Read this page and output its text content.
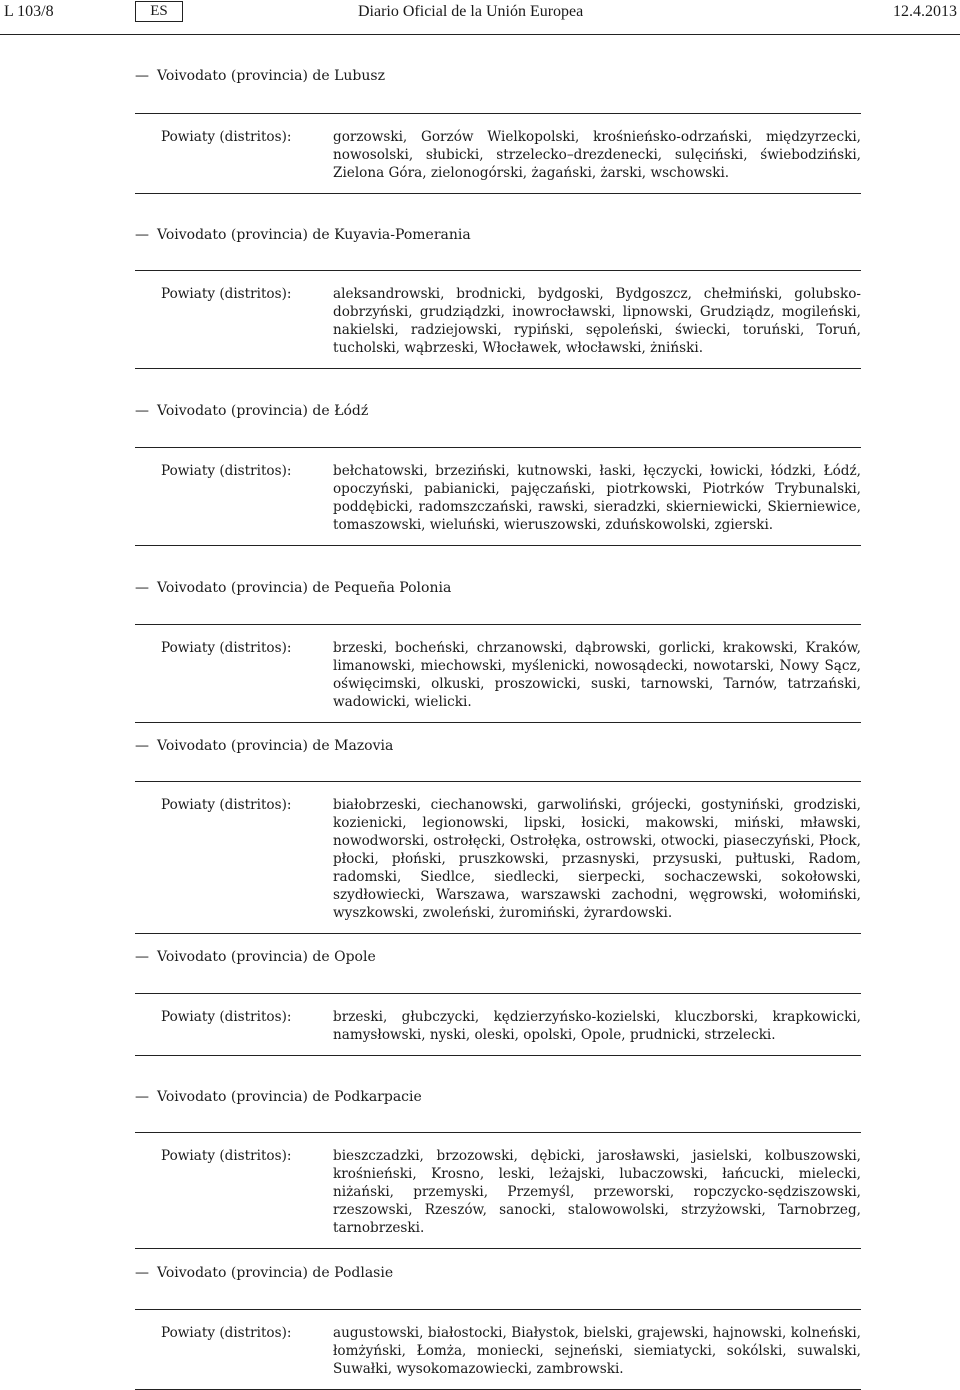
L 103/8	ES	Diario Oficial de la Unión Europea	12.4.2013
— Voivodato (provincia) de Lubusz
Powiaty (distritos):	gorzowski, Gorzów Wielkopolski, krośnieńsko-odrzański, międzyrzecki, nowosolski, słubicki, strzelecko–drezdenecki, sulęciński, świebodziński, Zielona Góra, zielonogórski, żagański, żarski, wschowski.
— Voivodato (provincia) de Kuyavia-Pomerania
Powiaty (distritos):	aleksandrowski, brodnicki, bydgoski, Bydgoszcz, chełmiński, golubsko-dobrzyński, grudziądzki, inowrocławski, lipnowski, Grudziądz, mogileński, nakielski, radziejowski, rypiński, sępoleński, świecki, toruński, Toruń, tucholski, wąbrzeski, Włocławek, włocławski, żniński.
— Voivodato (provincia) de Łódź
Powiaty (distritos):	bełchatowski, brzeziński, kutnowski, łaski, łęczycki, łowicki, łódzki, Łódź, opoczyński, pabianicki, pajęczański, piotrkowski, Piotrków Trybunalski, poddębicki, radomszczański, rawski, sieradzki, skierniewicki, Skierniewice, tomaszowski, wieluński, wieruszowski, zduńskowolski, zgierski.
— Voivodato (provincia) de Pequeña Polonia
Powiaty (distritos):	brzeski, bocheński, chrzanowski, dąbrowski, gorlicki, krakowski, Kraków, limanowski, miechowski, myślenicki, nowosądecki, nowotarski, Nowy Sącz, oświęcimski, olkuski, proszowicki, suski, tarnowski, Tarnów, tatrzański, wadowicki, wielicki.
— Voivodato (provincia) de Mazovia
Powiaty (distritos):	białobrzeski, ciechanowski, garwoliński, grójecki, gostyniński, grodziski, kozienicki, legionowski, lipski, łosicki, makowski, miński, mławski, nowodworski, ostrołęcki, Ostrołęka, ostrowski, otwocki, piaseczyński, Płock, płocki, płoński, pruszkowski, przasnyski, przysuski, pułtuski, Radom, radomski, Siedlce, siedlecki, sierpecki, sochaczewski, sokołowski, szydłowiecki, Warszawa, warszawski zachodni, węgrowski, wołomiński, wyszkowski, zwoleński, żuromiński, żyrardowski.
— Voivodato (provincia) de Opole
Powiaty (distritos):	brzeski, głubczycki, kędzierzyńsko-kozielski, kluczborski, krapkowicki, namysłowski, nyski, oleski, opolski, Opole, prudnicki, strzelecki.
— Voivodato (provincia) de Podkarpacie
Powiaty (distritos):	bieszczadzki, brzozowski, dębicki, jarosławski, jasielski, kolbuszowski, krośnieński, Krosno, leski, leżajski, lubaczowski, łańcucki, mielecki, niżański, przemyski, Przemyśl, przeworski, ropczycko-sędziszowski, rzeszowski, Rzeszów, sanocki, stalowowolski, strzyżowski, Tarnobrzeg, tarnobrzeski.
— Voivodato (provincia) de Podlasie
Powiaty (distritos):	augustowski, białostocki, Białystok, bielski, grajewski, hajnowski, kolneński, łomżyński, Łomża, moniecki, sejneński, siemiatycki, sokólski, suwalski, Suwałki, wysokomazowiecki, zambrowski.
